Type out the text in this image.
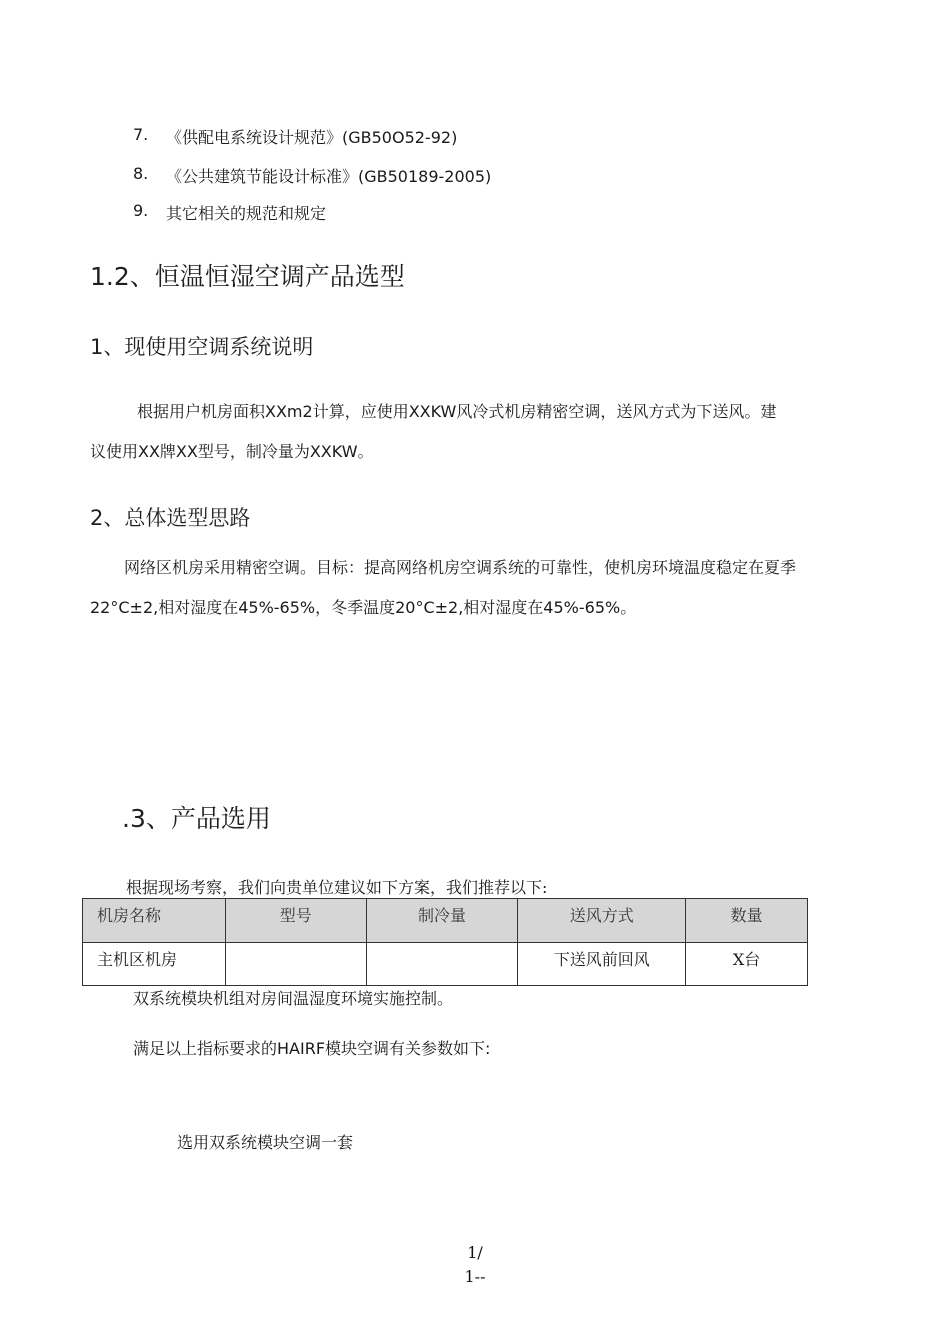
7. 《供配电系统设计规范》(GB50O52-92)
8. 《公共建筑节能设计标准》(GB50189-2005)
9. 其它相关的规范和规定
1.2、恒温恒湿空调产品选型
1、现使用空调系统说明
根据用户机房面积XXm2计算，应使用XXKW风冷式机房精密空调，送风方式为下送风。建
议使用XX牌XX型号，制冷量为XXKW。
2、总体选型思路
网络区机房采用精密空调。目标：提高网络机房空调系统的可靠性，使机房环境温度稳定在夏季
22°C±2,相对湿度在45%-65%，冬季温度20°C±2,相对湿度在45%-65%。
.3、产品选用
根据现场考察，我们向贵单位建议如下方案，我们推荐以下:
机房名称	型号	制冷量	送风方式	数量
主机区机房			下送风前回风	X台
双系统模块机组对房间温湿度环境实施控制。
满足以上指标要求的HAIRF模块空调有关参数如下:
选用双系统模块空调一套
1/
1--
